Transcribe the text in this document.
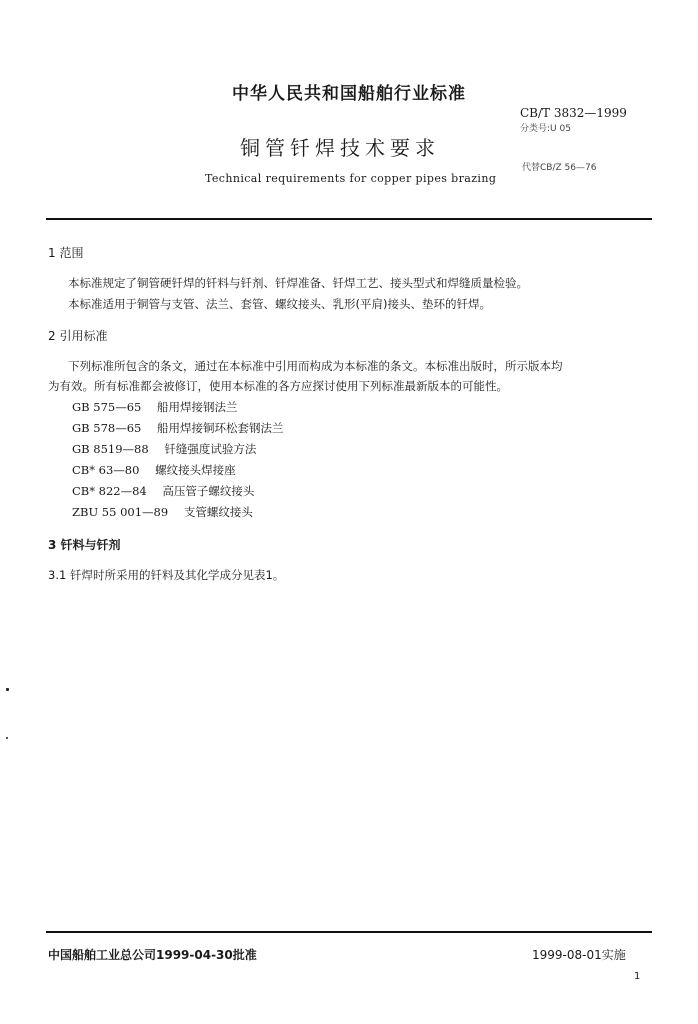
中华人民共和国船舶行业标准
CB/T 3832—1999
分类号:U 05
铜管钎焊技术要求
代替CB/Z 56—76
Technical requirements for copper pipes brazing
1 范围
本标准规定了铜管硬钎焊的钎料与钎剂、钎焊准备、钎焊工艺、接头型式和焊缝质量检验。
本标准适用于铜管与支管、法兰、套管、螺纹接头、乳形(平肩)接头、垫环的钎焊。
2 引用标准
下列标准所包含的条文，通过在本标准中引用而构成为本标准的条文。本标准出版时，所示版本均
为有效。所有标准都会被修订，使用本标准的各方应探讨使用下列标准最新版本的可能性。
GB 575—65 船用焊接钢法兰
GB 578—65 船用焊接铜环松套钢法兰
GB 8519—88 钎缝强度试验方法
CB* 63—80 螺纹接头焊接座
CB* 822—84 高压管子螺纹接头
ZBU 55 001—89 支管螺纹接头
3 钎料与钎剂
3.1 钎焊时所采用的钎料及其化学成分见表1。
中国船舶工业总公司1999-04-30批准	1999-08-01实施
1
